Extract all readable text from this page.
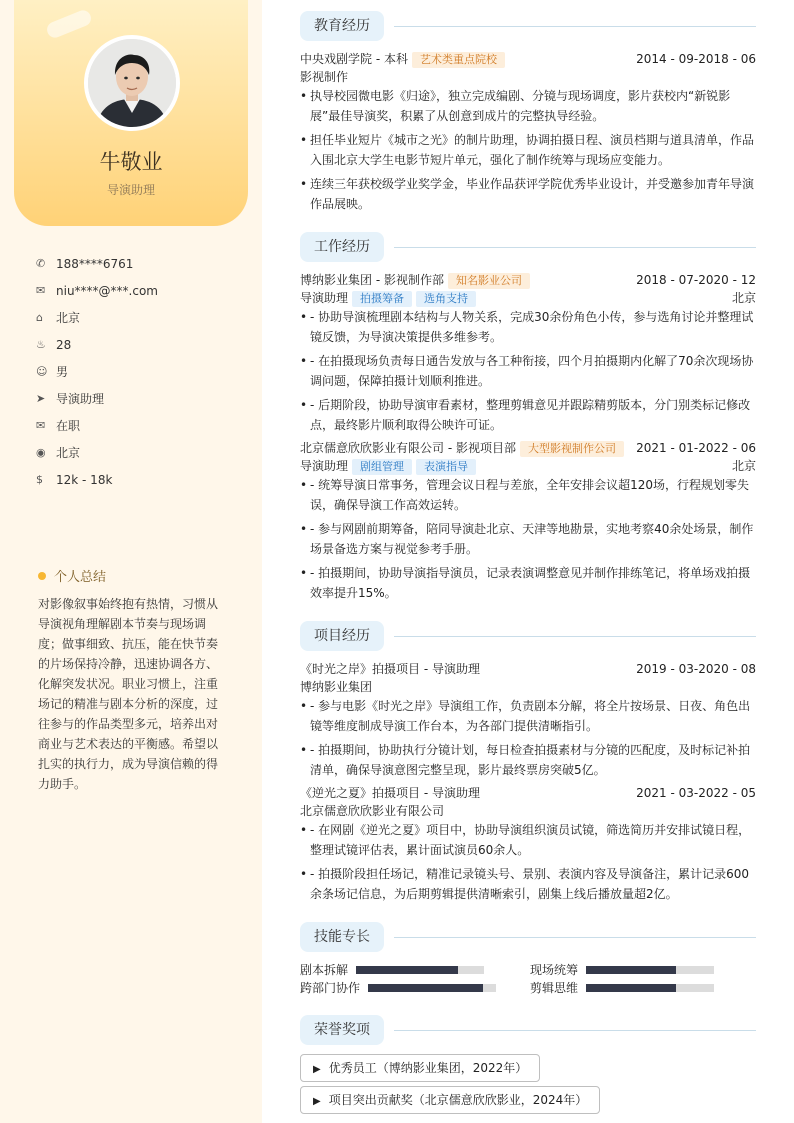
牛敬业
导演助理
✆ 188****6761
✉ niu****@***.com
⌂	北京
♨ 28
☺ 男
➤ 导演助理
✉ 在职
◉ 北京
$	12k - 18k
个人总结
对影像叙事始终抱有热情，习惯从导演视角理解剧本节奏与现场调度；做事细致、抗压，能在快节奏的片场保持冷静，迅速协调各方、化解突发状况。职业习惯上，注重场记的精准与剧本分析的深度，过往参与的作品类型多元，培养出对商业与艺术表达的平衡感。希望以扎实的执行力，成为导演信赖的得力助手。
教育经历
中央戏剧学院 - 本科 艺术类重点院校	2014 - 09-2018 - 06
影视制作
• 执导校园微电影《归途》，独立完成编剧、分镜与现场调度，影片获校内“新锐影展”最佳导演奖，积累了从创意到成片的完整执导经验。
• 担任毕业短片《城市之光》的制片助理，协调拍摄日程、演员档期与道具清单，作品入围北京大学生电影节短片单元，强化了制作统筹与现场应变能力。
• 连续三年获校级学业奖学金，毕业作品获评学院优秀毕业设计，并受邀参加青年导演作品展映。
工作经历
博纳影业集团 - 影视制作部 知名影业公司	2018 - 07-2020 - 12
导演助理 拍摄筹备 选角支持	北京
• - 协助导演梳理剧本结构与人物关系，完成30余份角色小传，参与选角讨论并整理试镜反馈，为导演决策提供多维参考。
• - 在拍摄现场负责每日通告发放与各工种衔接，四个月拍摄期内化解了70余次现场协调问题，保障拍摄计划顺利推进。
• - 后期阶段，协助导演审看素材，整理剪辑意见并跟踪精剪版本，分门别类标记修改点，最终影片顺利取得公映许可证。
北京儒意欣欣影业有限公司 - 影视项目部 大型影视制作公司 2021 - 01-2022 - 06
导演助理 剧组管理 表演指导	北京
• - 统筹导演日常事务，管理会议日程与差旅，全年安排会议超120场，行程规划零失误，确保导演工作高效运转。
• - 参与网剧前期筹备，陪同导演赴北京、天津等地勘景，实地考察40余处场景，制作场景备选方案与视觉参考手册。
• - 拍摄期间，协助导演指导演员，记录表演调整意见并制作排练笔记，将单场戏拍摄效率提升15%。
项目经历
《时光之岸》拍摄项目 - 导演助理	2019 - 03-2020 - 08
博纳影业集团
• - 参与电影《时光之岸》导演组工作，负责剧本分解，将全片按场景、日夜、角色出镜等维度制成导演工作台本，为各部门提供清晰指引。
• - 拍摄期间，协助执行分镜计划，每日检查拍摄素材与分镜的匹配度，及时标记补拍清单，确保导演意图完整呈现，影片最终票房突破5亿。
《逆光之夏》拍摄项目 - 导演助理	2021 - 03-2022 - 05
北京儒意欣欣影业有限公司
• - 在网剧《逆光之夏》项目中，协助导演组织演员试镜，筛选简历并安排试镜日程，整理试镜评估表，累计面试演员60余人。
• - 拍摄阶段担任场记，精准记录镜头号、景别、表演内容及导演备注，累计记录600余条场记信息，为后期剪辑提供清晰索引，剧集上线后播放量超2亿。
技能专长
剧本拆解	现场统筹
跨部门协作	剪辑思维
荣誉奖项
▶ 优秀员工（博纳影业集团，2022年）
▶ 项目突出贡献奖（北京儒意欣欣影业，2024年）
